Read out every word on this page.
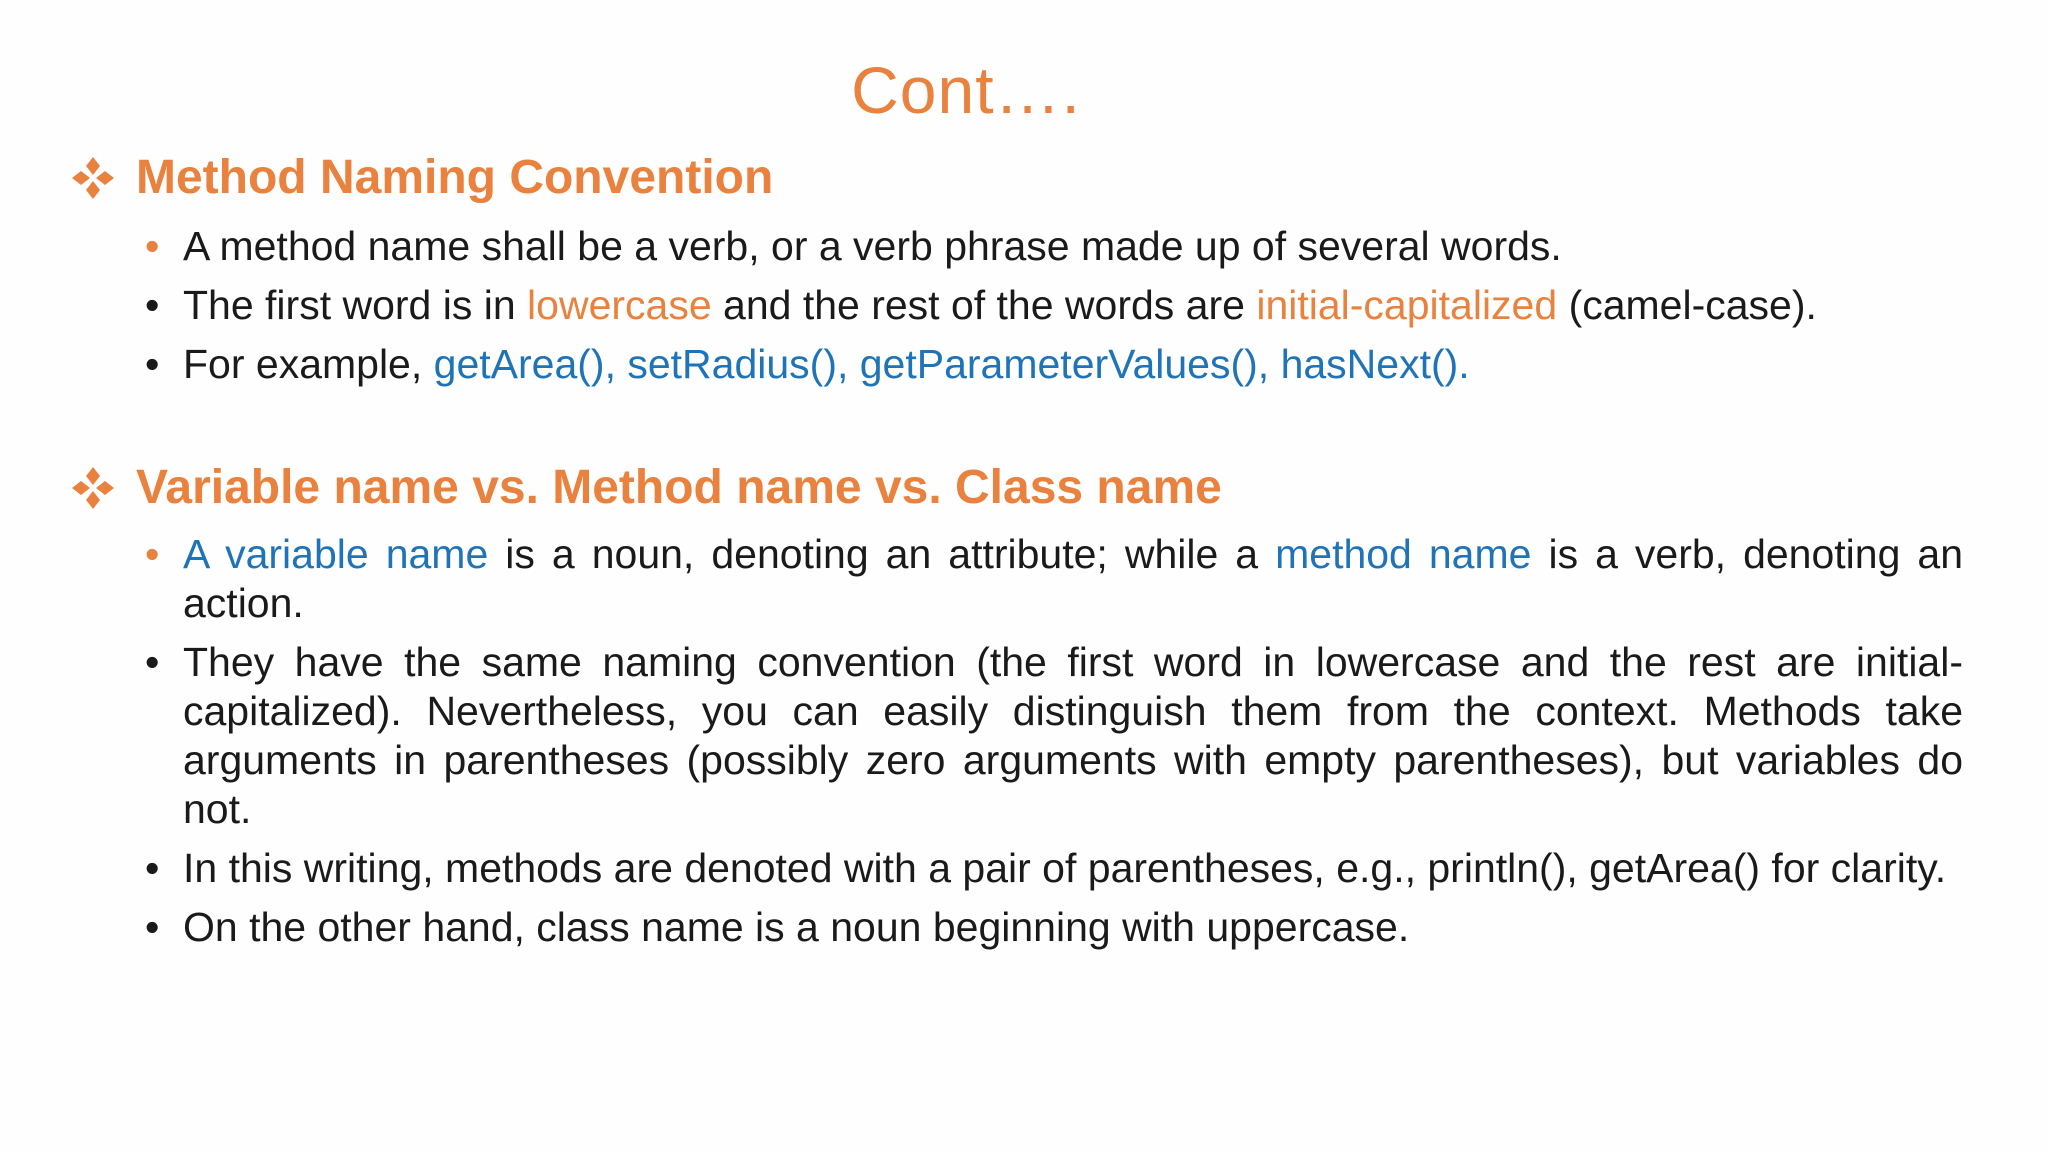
Cont….
Method Naming Convention
• A method name shall be a verb, or a verb phrase made up of several words.
• The first word is in lowercase and the rest of the words are initial-capitalized (camel-case).
• For example, getArea(), setRadius(), getParameterValues(), hasNext().
Variable name vs. Method name vs. Class name
• A variable name is a noun, denoting an attribute; while a method name is a verb, denoting an action.
• They have the same naming convention (the first word in lowercase and the rest are initial-capitalized). Nevertheless, you can easily distinguish them from the context. Methods take arguments in parentheses (possibly zero arguments with empty parentheses), but variables do not.
• In this writing, methods are denoted with a pair of parentheses, e.g., println(), getArea() for clarity.
• On the other hand, class name is a noun beginning with uppercase.
